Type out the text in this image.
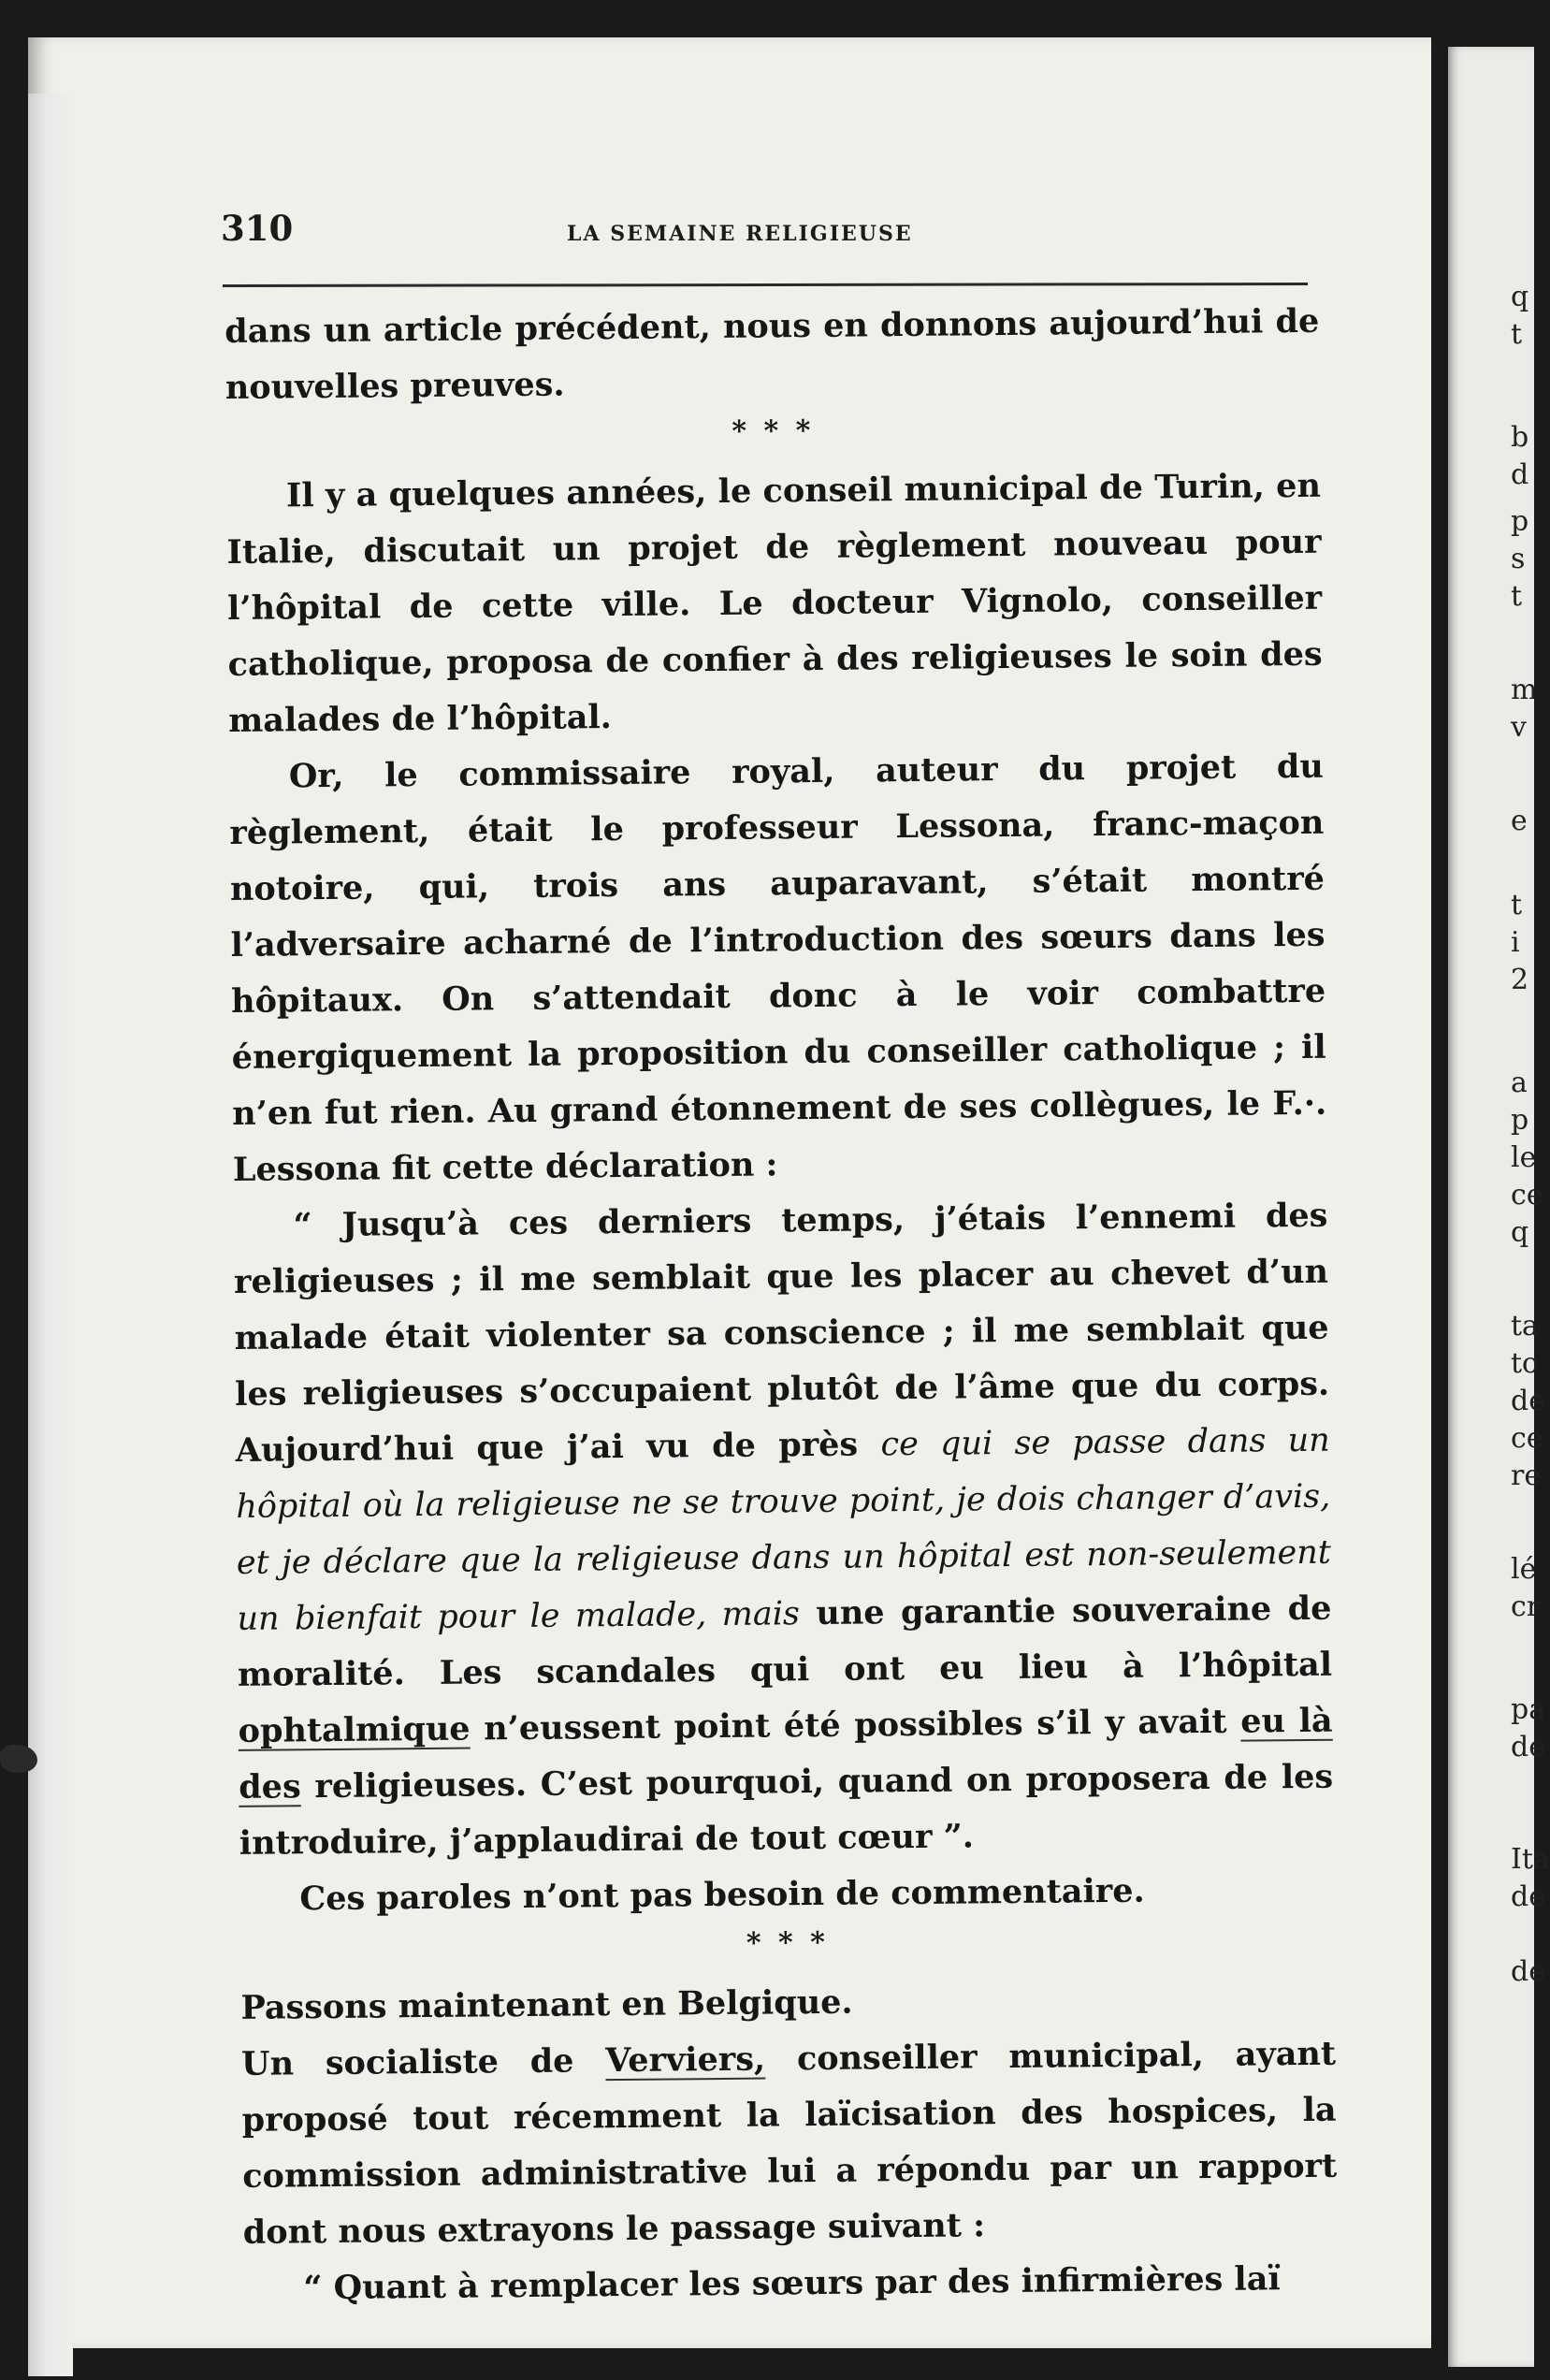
310	LA SEMAINE RELIGIEUSE

dans un article précédent, nous en donnons aujourd’hui de nouvelles preuves.

* * *

Il y a quelques années, le conseil municipal de Turin, en Italie, discutait un projet de règlement nouveau pour l’hôpital de cette ville. Le docteur Vignolo, conseiller catholique, proposa de confier à des religieuses le soin des malades de l’hôpital.

Or, le commissaire royal, auteur du projet du règlement, était le professeur Lessona, franc-maçon notoire, qui, trois ans auparavant, s’était montré l’adversaire acharné de l’introduction des sœurs dans les hôpitaux. On s’attendait donc à le voir combattre énergiquement la proposition du conseiller catholique ; il n’en fut rien. Au grand étonnement de ses collègues, le F.·. Lessona fit cette déclaration :

“ Jusqu’à ces derniers temps, j’étais l’ennemi des religieuses ; il me semblait que les placer au chevet d’un malade était violenter sa conscience ; il me semblait que les religieuses s’occupaient plutôt de l’âme que du corps. Aujourd’hui que j’ai vu de près ce qui se passe dans un hôpital où la religieuse ne se trouve point, je dois changer d’avis, et je déclare que la religieuse dans un hôpital est non-seulement un bienfait pour le malade, mais une garantie souveraine de moralité. Les scandales qui ont eu lieu à l’hôpital ophtalmique n’eussent point été possibles s’il y avait eu là des religieuses. C’est pourquoi, quand on proposera de les introduire, j’applaudirai de tout cœur ”.

Ces paroles n’ont pas besoin de commentaire.

* * *

Passons maintenant en Belgique.

Un socialiste de Verviers, conseiller municipal, ayant proposé tout récemment la laïcisation des hospices, la commission administrative lui a répondu par un rapport dont nous extrayons le passage suivant :

“ Quant à remplacer les sœurs par des infirmières laï

q
t
b
d
p
s
t
m
v
e
t
i
2
a
p
le
ce
q
ta
to
de
ce
re
lé
cr
pa
de
Ita
de
de
